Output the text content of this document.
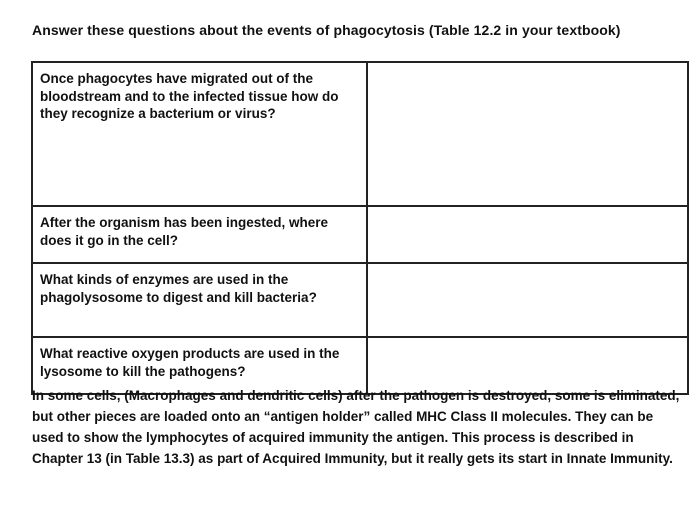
Answer these questions about the events of phagocytosis (Table 12.2 in your textbook)
Once phagocytes have migrated out of the bloodstream and to the infected tissue how do they recognize a bacterium or virus?	
After the organism has been ingested, where does it go in the cell?	
What kinds of enzymes are used in the phagolysosome to digest and kill bacteria?	
What reactive oxygen products are used in the lysosome to kill the pathogens?	
In some cells, (Macrophages and dendritic cells) after the pathogen is destroyed, some is eliminated, but other pieces are loaded onto an “antigen holder” called MHC Class II molecules. They can be used to show the lymphocytes of acquired immunity the antigen. This process is described in Chapter 13 (in Table 13.3) as part of Acquired Immunity, but it really gets its start in Innate Immunity.
